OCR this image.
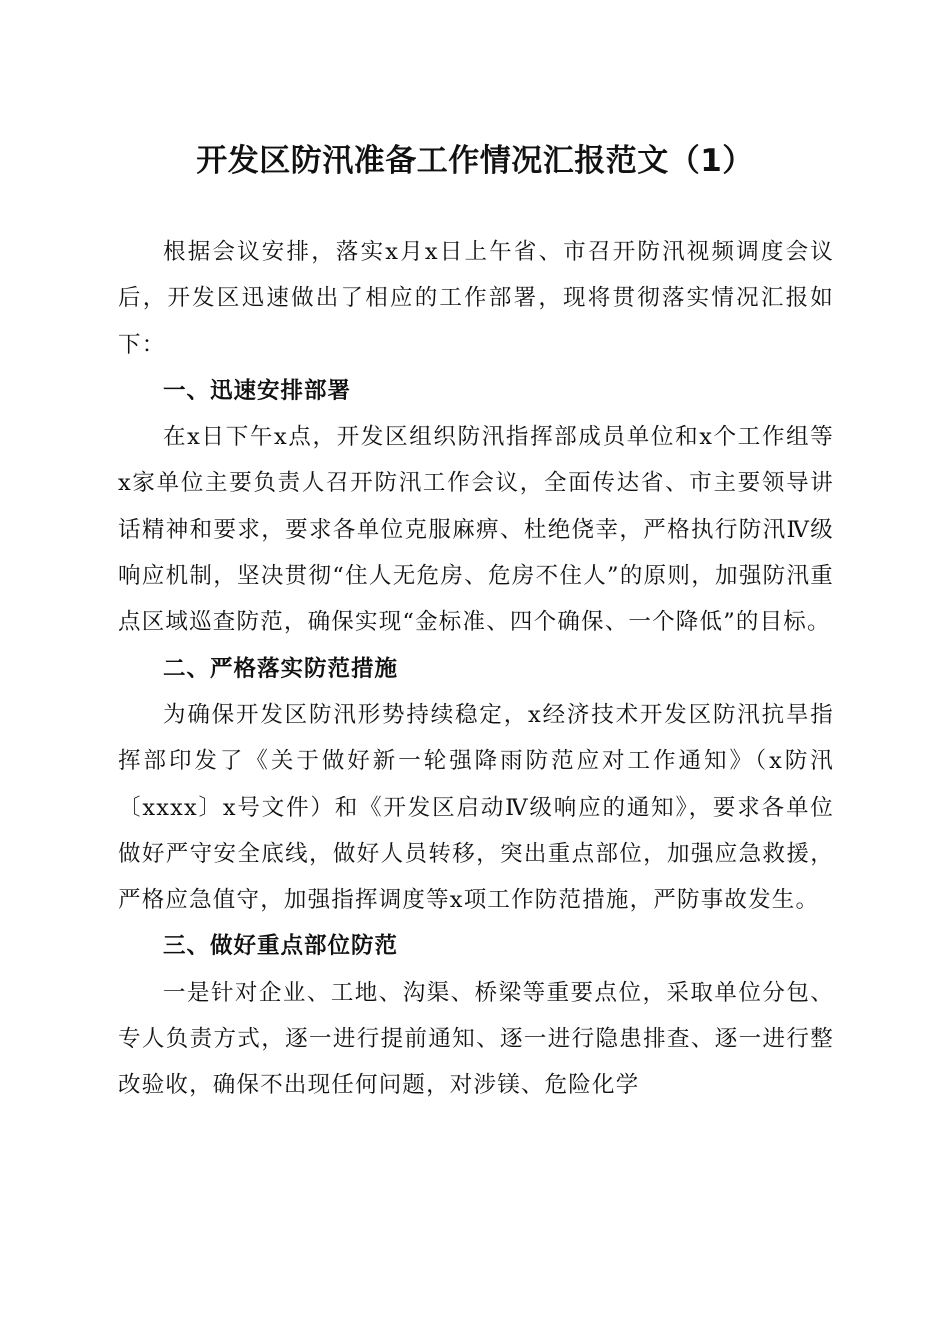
开发区防汛准备工作情况汇报范文（1）

根据会议安排，落实x月x日上午省、市召开防汛视频调度会议后，开发区迅速做出了相应的工作部署，现将贯彻落实情况汇报如下：

一、迅速安排部署

在x日下午x点，开发区组织防汛指挥部成员单位和x个工作组等x家单位主要负责人召开防汛工作会议，全面传达省、市主要领导讲话精神和要求，要求各单位克服麻痹、杜绝侥幸，严格执行防汛Ⅳ级响应机制，坚决贯彻“住人无危房、危房不住人”的原则，加强防汛重点区域巡查防范，确保实现“金标准、四个确保、一个降低”的目标。

二、严格落实防范措施

为确保开发区防汛形势持续稳定，x经济技术开发区防汛抗旱指挥部印发了《关于做好新一轮强降雨防范应对工作通知》（x防汛〔xxxx〕x号文件）和《开发区启动Ⅳ级响应的通知》，要求各单位做好严守安全底线，做好人员转移，突出重点部位，加强应急救援，严格应急值守，加强指挥调度等x项工作防范措施，严防事故发生。

三、做好重点部位防范

一是针对企业、工地、沟渠、桥梁等重要点位，采取单位分包、专人负责方式，逐一进行提前通知、逐一进行隐患排查、逐一进行整改验收，确保不出现任何问题，对涉镁、危险化学
